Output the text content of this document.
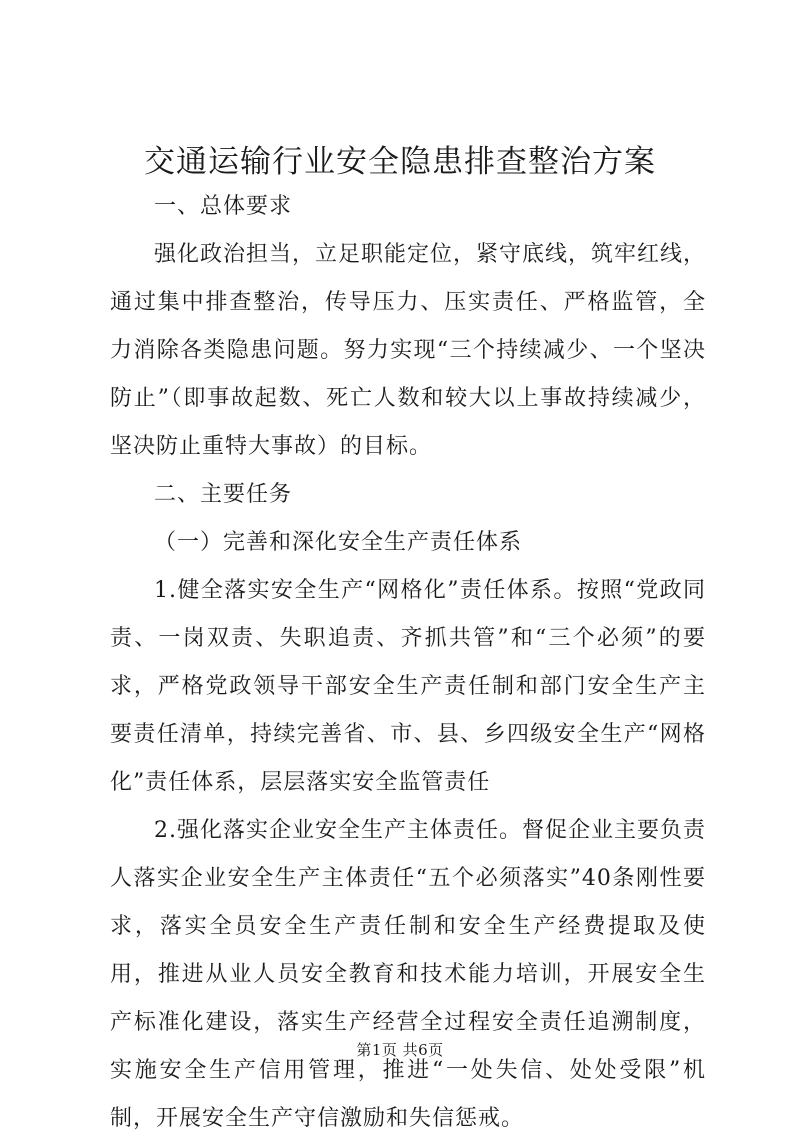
交通运输行业安全隐患排查整治方案

一、总体要求

强化政治担当，立足职能定位，紧守底线，筑牢红线，通过集中排查整治，传导压力、压实责任、严格监管，全力消除各类隐患问题。努力实现“三个持续减少、一个坚决防止”（即事故起数、死亡人数和较大以上事故持续减少，坚决防止重特大事故）的目标。

二、主要任务

（一）完善和深化安全生产责任体系

1.健全落实安全生产“网格化”责任体系。按照“党政同责、一岗双责、失职追责、齐抓共管”和“三个必须”的要求，严格党政领导干部安全生产责任制和部门安全生产主要责任清单，持续完善省、市、县、乡四级安全生产“网格化”责任体系，层层落实安全监管责任

2.强化落实企业安全生产主体责任。督促企业主要负责人落实企业安全生产主体责任“五个必须落实”40条刚性要求，落实全员安全生产责任制和安全生产经费提取及使用，推进从业人员安全教育和技术能力培训，开展安全生产标准化建设，落实生产经营全过程安全责任追溯制度，实施安全生产信用管理，推进“一处失信、处处受限”机制，开展安全生产守信激励和失信惩戒。

第1页 共6页
